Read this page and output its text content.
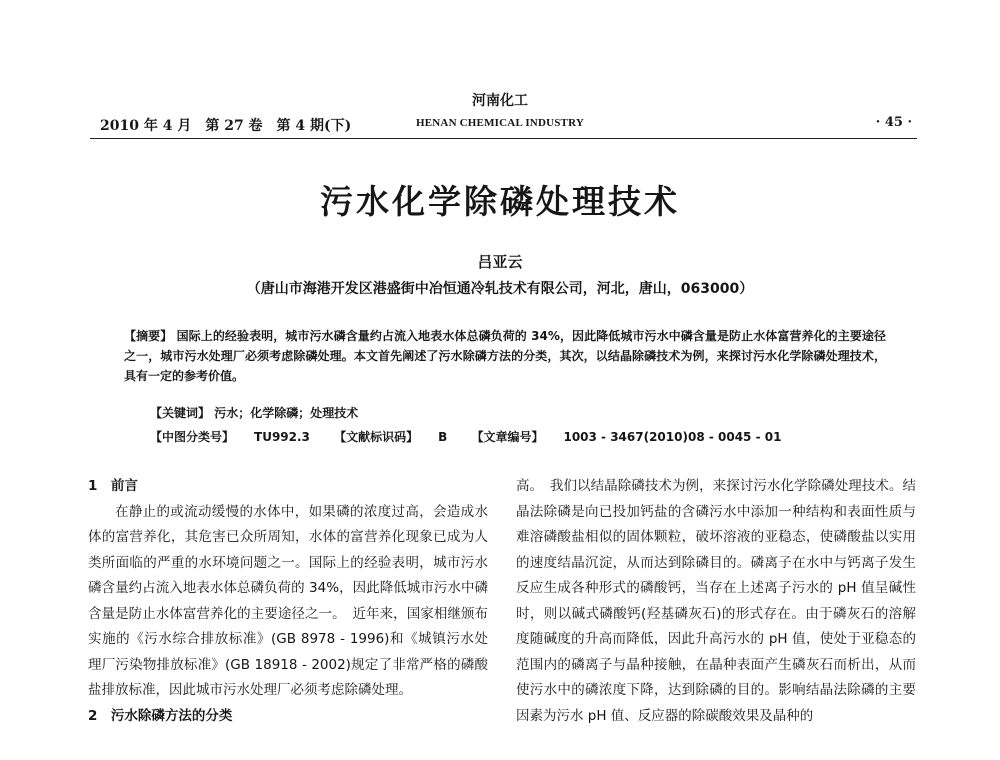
河南化工
2010 年 4 月　第 27 卷　第 4 期(下)	HENAN CHEMICAL INDUSTRY	· 45 ·
污水化学除磷处理技术
吕亚云
（唐山市海港开发区港盛街中冶恒通冷轧技术有限公司，河北，唐山，063000）
【摘要】 国际上的经验表明，城市污水磷含量约占流入地表水体总磷负荷的 34%，因此降低城市污水中磷含量是防止水体富营养化的主要途径之一，城市污水处理厂必须考虑除磷处理。本文首先阐述了污水除磷方法的分类，其次，以结晶除磷技术为例，来探讨污水化学除磷处理技术，具有一定的参考价值。
【关键词】 污水；化学除磷；处理技术
【中图分类号】 TU992.3 【文献标识码】 B 【文章编号】 1003 - 3467(2010)08 - 0045 - 01

1　前言

在静止的或流动缓慢的水体中，如果磷的浓度过高，会造成水体的富营养化，其危害已众所周知，水体的富营养化现象已成为人类所面临的严重的水环境问题之一。国际上的经验表明，城市污水磷含量约占流入地表水体总磷负荷的 34%，因此降低城市污水中磷含量是防止水体富营养化的主要途径之一。　近年来，国家相继颁布实施的《污水综合排放标准》(GB 8978 - 1996)和《城镇污水处理厂污染物排放标准》(GB 18918 - 2002)规定了非常严格的磷酸盐排放标准，因此城市污水处理厂必须考虑除磷处理。

2　污水除磷方法的分类

高。　我们以结晶除磷技术为例，来探讨污水化学除磷处理技术。结晶法除磷是向已投加钙盐的含磷污水中添加一种结构和表面性质与难溶磷酸盐相似的固体颗粒，破坏溶液的亚稳态，使磷酸盐以实用的速度结晶沉淀，从而达到除磷目的。磷离子在水中与钙离子发生反应生成各种形式的磷酸钙，当存在上述离子污水的 pH 值呈碱性时，则以碱式磷酸钙(羟基磷灰石)的形式存在。由于磷灰石的溶解度随碱度的升高而降低，因此升高污水的 pH 值，使处于亚稳态的范围内的磷离子与晶种接触，在晶种表面产生磷灰石而析出，从而使污水中的磷浓度下降，达到除磷的目的。影响结晶法除磷的主要因素为污水 pH 值、反应器的除碳酸效果及晶种的
